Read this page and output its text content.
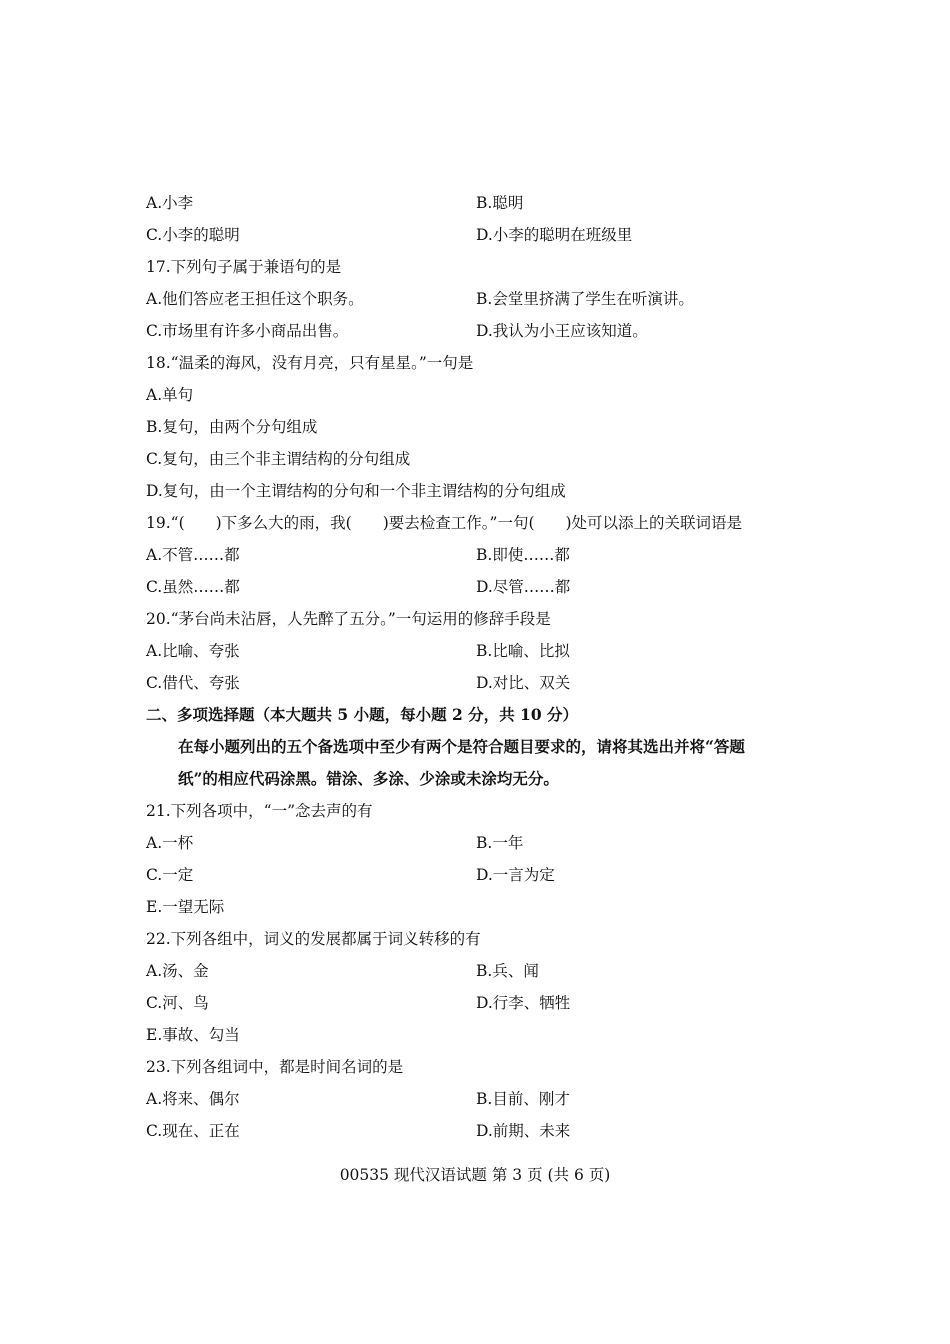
A.小李	B.聪明
C.小李的聪明	D.小李的聪明在班级里
17.下列句子属于兼语句的是
A.他们答应老王担任这个职务。	B.会堂里挤满了学生在听演讲。
C.市场里有许多小商品出售。	D.我认为小王应该知道。
18.“温柔的海风，没有月亮，只有星星。”一句是
A.单句
B.复句，由两个分句组成
C.复句，由三个非主谓结构的分句组成
D.复句，由一个主谓结构的分句和一个非主谓结构的分句组成
19.“(　　)下多么大的雨，我(　　)要去检查工作。”一句(　　)处可以添上的关联词语是
A.不管……都	B.即使……都
C.虽然……都	D.尽管……都
20.“茅台尚未沾唇，人先醉了五分。”一句运用的修辞手段是
A.比喻、夸张	B.比喻、比拟
C.借代、夸张	D.对比、双关
二、多项选择题（本大题共 5 小题，每小题 2 分，共 10 分）
在每小题列出的五个备选项中至少有两个是符合题目要求的，请将其选出并将“答题
纸”的相应代码涂黑。错涂、多涂、少涂或未涂均无分。
21.下列各项中，“一”念去声的有
A.一杯	B.一年
C.一定	D.一言为定
E.一望无际
22.下列各组中，词义的发展都属于词义转移的有
A.汤、金	B.兵、闻
C.河、鸟	D.行李、牺牲
E.事故、勾当
23.下列各组词中，都是时间名词的是
A.将来、偶尔	B.目前、刚才
C.现在、正在	D.前期、未来
00535 现代汉语试题 第 3 页 (共 6 页)
